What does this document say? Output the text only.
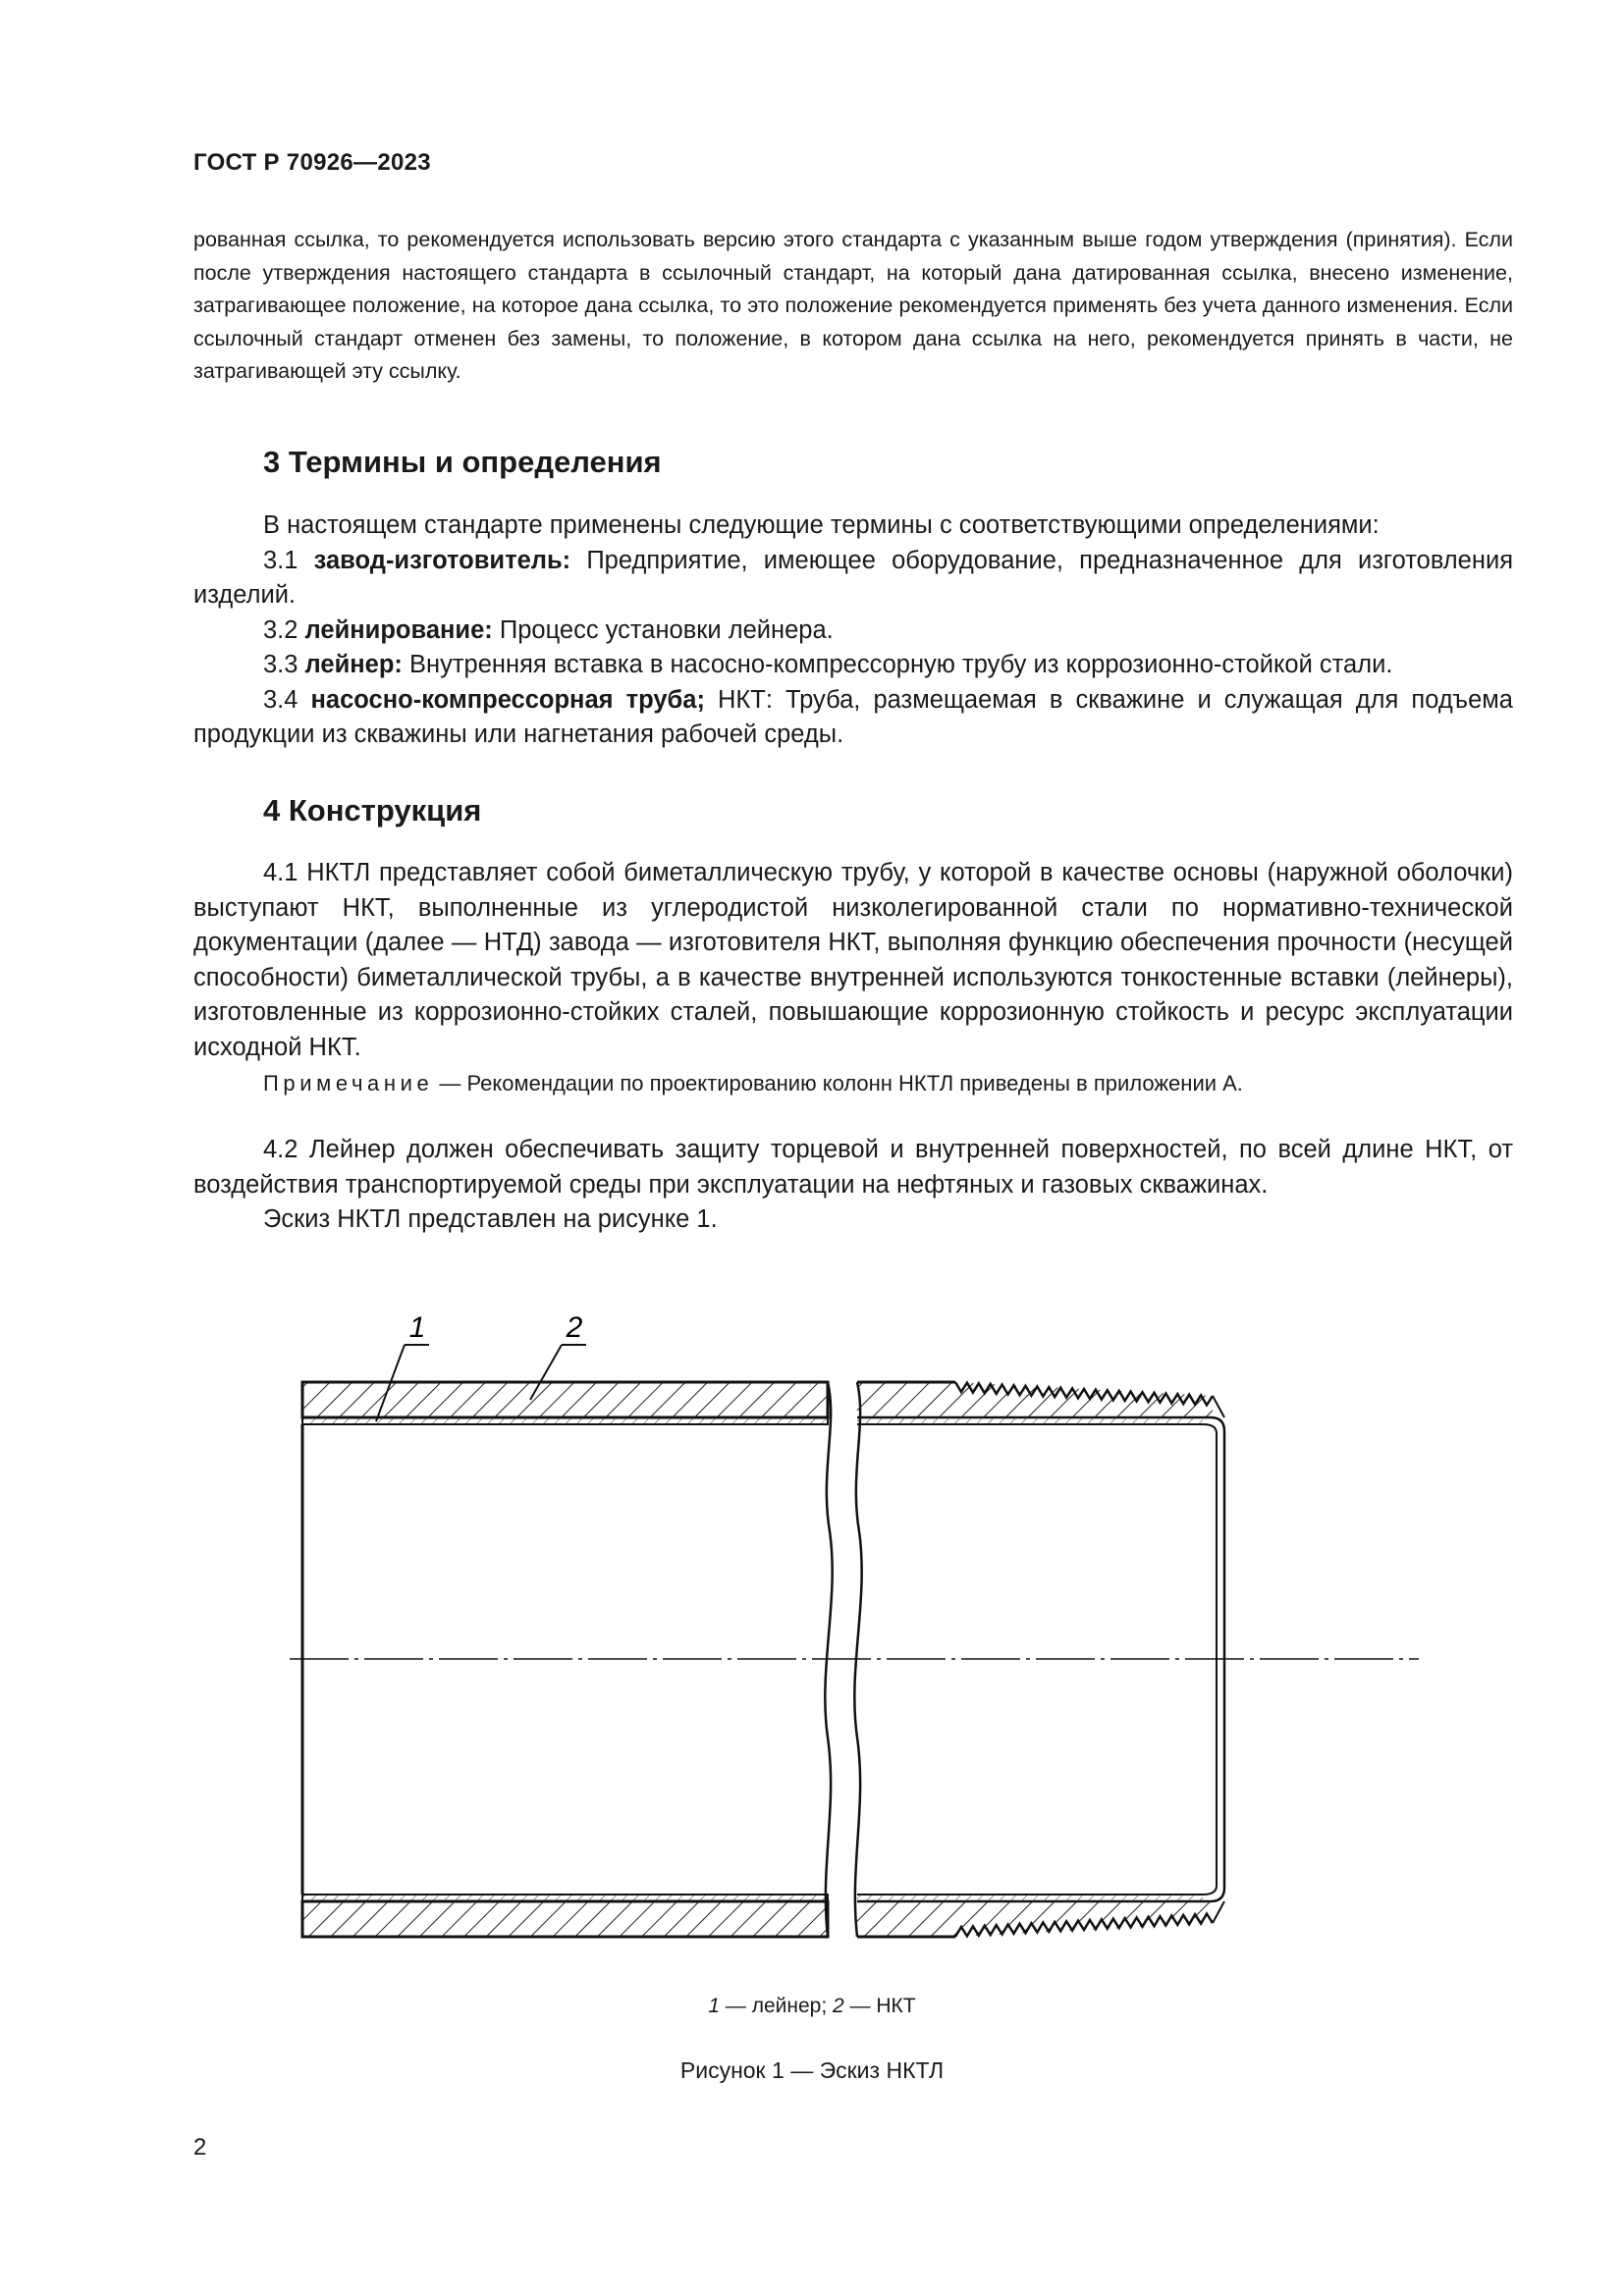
ГОСТ Р 70926—2023

рованная ссылка, то рекомендуется использовать версию этого стандарта с указанным выше годом утверждения (принятия). Если после утверждения настоящего стандарта в ссылочный стандарт, на который дана датированная ссылка, внесено изменение, затрагивающее положение, на которое дана ссылка, то это положение рекомендуется применять без учета данного изменения. Если ссылочный стандарт отменен без замены, то положение, в котором дана ссылка на него, рекомендуется принять в части, не затрагивающей эту ссылку.

3 Термины и определения

В настоящем стандарте применены следующие термины с соответствующими определениями:

3.1 завод-изготовитель: Предприятие, имеющее оборудование, предназначенное для изготовления изделий.

3.2 лейнирование: Процесс установки лейнера.

3.3 лейнер: Внутренняя вставка в насосно-компрессорную трубу из коррозионно-стойкой стали.

3.4 насосно-компрессорная труба; НКТ: Труба, размещаемая в скважине и служащая для подъема продукции из скважины или нагнетания рабочей среды.

4 Конструкция

4.1 НКТЛ представляет собой биметаллическую трубу, у которой в качестве основы (наружной оболочки) выступают НКТ, выполненные из углеродистой низколегированной стали по нормативно-технической документации (далее — НТД) завода — изготовителя НКТ, выполняя функцию обеспечения прочности (несущей способности) биметаллической трубы, а в качестве внутренней используются тонкостенные вставки (лейнеры), изготовленные из коррозионно-стойких сталей, повышающие коррозионную стойкость и ресурс эксплуатации исходной НКТ.

Примечание — Рекомендации по проектированию колонн НКТЛ приведены в приложении А.

4.2 Лейнер должен обеспечивать защиту торцевой и внутренней поверхностей, по всей длине НКТ, от воздействия транспортируемой среды при эксплуатации на нефтяных и газовых скважинах.

Эскиз НКТЛ представлен на рисунке 1.

1	2
1 — лейнер; 2 — НКТ
Рисунок 1 — Эскиз НКТЛ
2
